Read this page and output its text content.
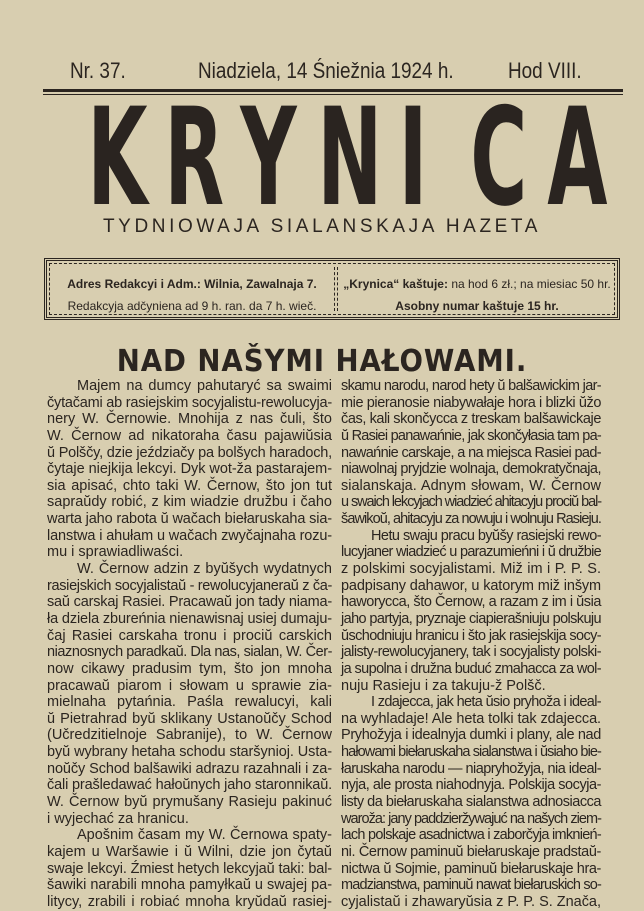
Nr. 37.	Niadziela, 14 Śniežnia 1924 h. Hod VIII.
K R Y N I C A
TYDNIOWAJA SIALANSKAJA HAZETA
Adres Redakcyi i Adm.: Wilnia, Zawalnaja 7.
Redakcyja adčyniena ad 9 h. ran. da 7 h. wieč.
„Krynica“ kaštuje: na hod 6 zł.; na miesiac 50 hr.
Asobny numar kaštuje 15 hr.
NAD NAŠYMI HAŁOWAMI.
Majem na dumcy pahutaryć sa swaimi
čytačami ab rasiejskim socyjalistu-rewolucyja-
nery W. Černowie. Mnohija z nas čuli, što
W. Černow ad nikatoraha času pajawiŭsia
ŭ Polščy, dzie jeździačy pa bolšych haradoch,
čytaje niejkija lekcyi. Dyk wot-ža pastarajem-
sia apisać, chto taki W. Černow, što jon tut
sapraŭdy robić, z kim wiadzie družbu i čaho
warta jaho rabota ŭ wačach biełaruskaha sia-
lanstwa i ahułam u wačach zwyčajnaha rozu-
mu i sprawiadliwaści.
W. Černow adzin z byŭšych wydatnych
rasiejskich socyjalistaŭ - rewolucyjaneraŭ z ča-
saŭ carskaj Rasiei. Pracawaŭ jon tady niama-
ła dziela zbureńnia nienawisnaj usiej dumaju-
čaj Rasiei carskaha tronu i prociŭ carskich
niaznosnych paradkaŭ. Dla nas, sialan, W. Čer-
now cikawy pradusim tym, što jon mnoha
pracawaŭ piarom i słowam u sprawie zia-
mielnaha pytańnia. Paśla rewalucyi, kali
ŭ Pietrahrad byŭ sklikany Ustanoŭčy Schod
(Učredzitielnoje Sabranije), to W. Černow
byŭ wybrany hetaha schodu staršynioj. Usta-
noŭčy Schod balšawiki adrazu razahnali i za-
čali prašledawać hałoŭnych jaho staronnikaŭ.
W. Černow byŭ prymušany Rasieju pakinuć
i wyjechać za hranicu.
Apošnim časam my W. Černowa spaty-
kajem u Waršawie i ŭ Wilni, dzie jon čytaŭ
swaje lekcyi. Źmiest hetych lekcyjaŭ taki: bal-
šawiki narabili mnoha pamyłkaŭ u swajej pa-
litycy, zrabili i robiać mnoha kryŭdaŭ rasiej-
skamu narodu, narod hety ŭ balšawickim jar-
mie pieranosie niabywałaje hora i blizki ŭžo
čas, kali skončycca z treskam balšawickaje
ŭ Rasiei panawańnie, jak skončyłasia tam pa-
nawańnie carskaje, a na miejsca Rasiei pad-
niawolnaj pryjdzie wolnaja, demokratyčnaja,
sialanskaja. Adnym słowam, W. Černow
u swaich lekcyjach wiadzieć ahitacyju prociŭ bal-
šawikoŭ, ahitacyju za nowuju i wolnuju Rasieju.
Hetu swaju pracu byŭšy rasiejski rewo-
lucyjaner wiadzieć u parazumieńni i ŭ družbie
z polskimi socyjalistami. Miž im i P. P. S.
padpisany dahawor, u katorym miž inšym
haworycca, što Černow, a razam z im i ŭsia
jaho partyja, pryznaje ciapierašniuju polskuju
ŭschodniuju hranicu i što jak rasiejskija socy-
jalisty-rewolucyjanery, tak i socyjalisty polski-
ja supolna i družna buduć zmahacca za wol-
nuju Rasieju i za takuju-ž Polšč.
I zdajecca, jak heta ŭsio pryhoža i ideal-
na wyhladaje! Ale heta tolki tak zdajecca.
Pryhožyja i idealnyja dumki i plany, ale nad
hałowami biełaruskaha sialanstwa i ŭsiaho bie-
łaruskaha narodu — niapryhožyja, nia ideal-
nyja, ale prosta niahodnyja. Polskija socyja-
listy da biełaruskaha sialanstwa adnosiacca
waroža: jany paddzieržywajuć na našych ziem-
lach polskaje asadnictwa i zaborčyja imknień-
ni. Černow paminuŭ biełaruskaje pradstaŭ-
nictwa ŭ Sojmie, paminuŭ biełaruskaje hra-
madzianstwa, paminuŭ nawat biełaruskich so-
cyjalistaŭ i zhawaryŭsia z P. P. S. Znača,
